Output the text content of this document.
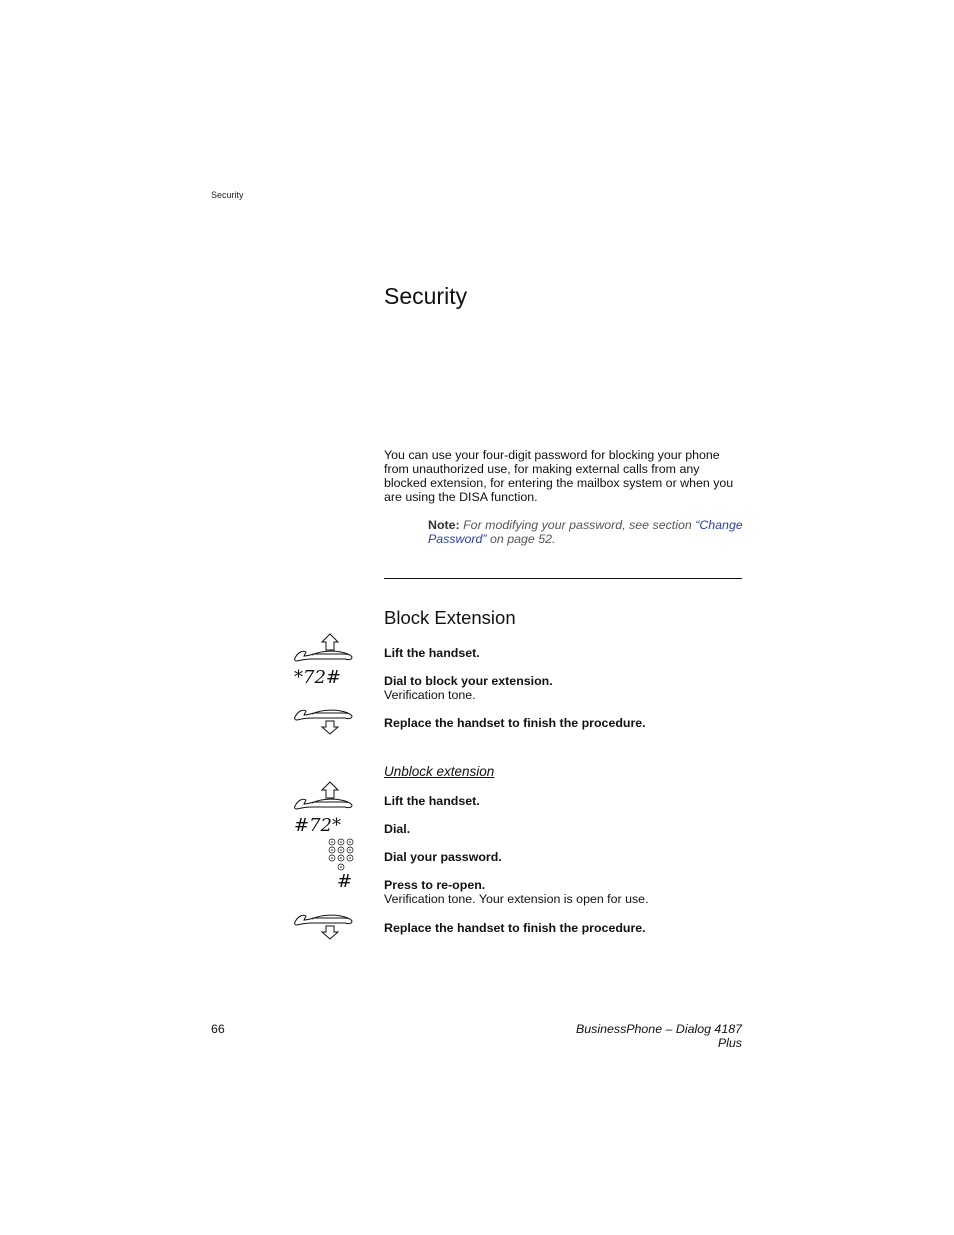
Security
Security

You can use your four-digit password for blocking your phone from unauthorized use, for making external calls from any blocked extension, for entering the mailbox system or when you are using the DISA function.

Note: For modifying your password, see section “Change Password” on page 52.

Block Extension
*72#
Lift the handset.
Dial to block your extension.
Verification tone.
Replace the handset to finish the procedure.
Unblock extension
#72*
#
Lift the handset.
Dial.
Dial your password.
Press to re-open.
Verification tone. Your extension is open for use.
Replace the handset to finish the procedure.
66	BusinessPhone – Dialog 4187 Plus
